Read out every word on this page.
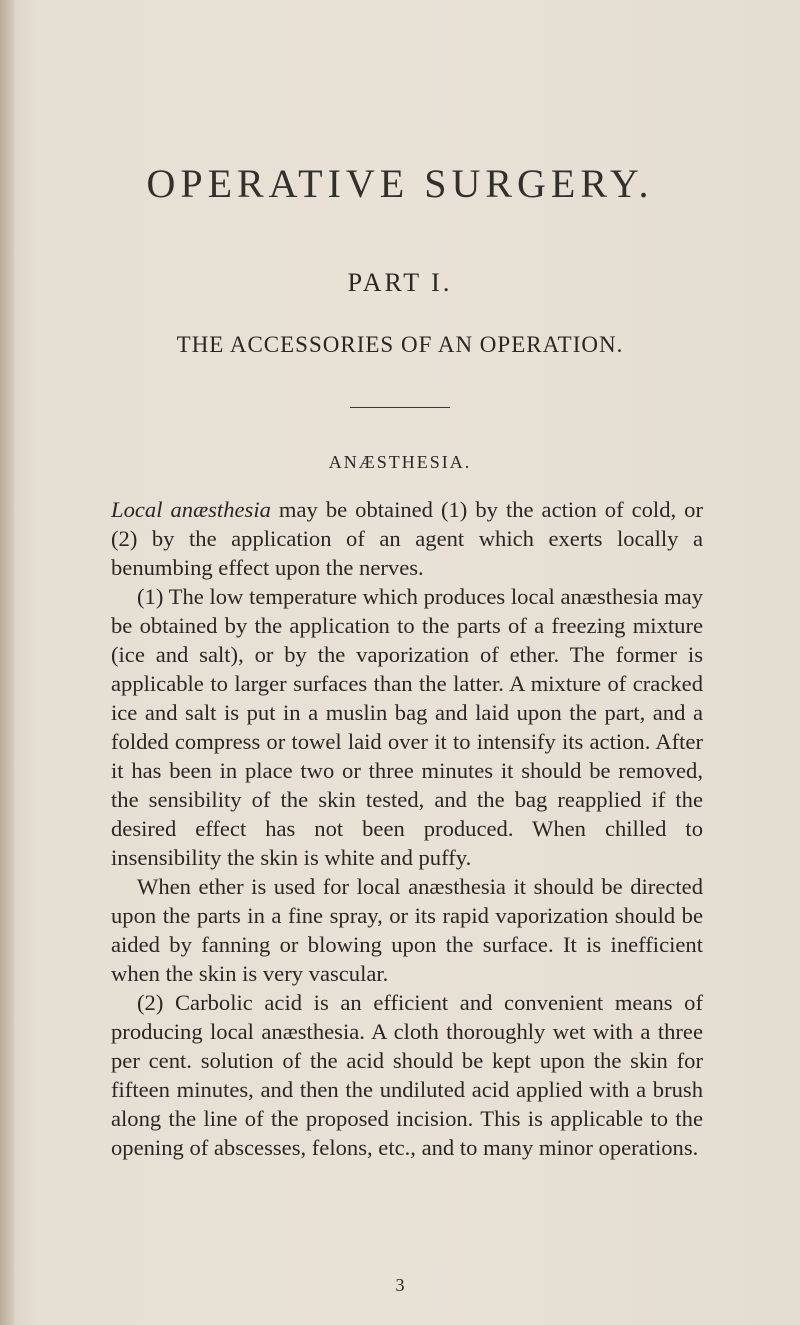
OPERATIVE SURGERY.
PART I.
THE ACCESSORIES OF AN OPERATION.
ANÆSTHESIA.

Local anæsthesia may be obtained (1) by the action of cold, or (2) by the application of an agent which exerts locally a benumbing effect upon the nerves.

(1) The low temperature which produces local anæsthesia may be obtained by the application to the parts of a freezing mixture (ice and salt), or by the vaporization of ether. The former is applicable to larger surfaces than the latter. A mixture of cracked ice and salt is put in a muslin bag and laid upon the part, and a folded compress or towel laid over it to intensify its action. After it has been in place two or three minutes it should be removed, the sensibility of the skin tested, and the bag reapplied if the desired effect has not been produced. When chilled to insensibility the skin is white and puffy.

When ether is used for local anæsthesia it should be directed upon the parts in a fine spray, or its rapid vaporization should be aided by fanning or blowing upon the surface. It is inefficient when the skin is very vascular.

(2) Carbolic acid is an efficient and convenient means of producing local anæsthesia. A cloth thoroughly wet with a three per cent. solution of the acid should be kept upon the skin for fifteen minutes, and then the undiluted acid applied with a brush along the line of the proposed incision. This is applicable to the opening of abscesses, felons, etc., and to many minor operations.

3
